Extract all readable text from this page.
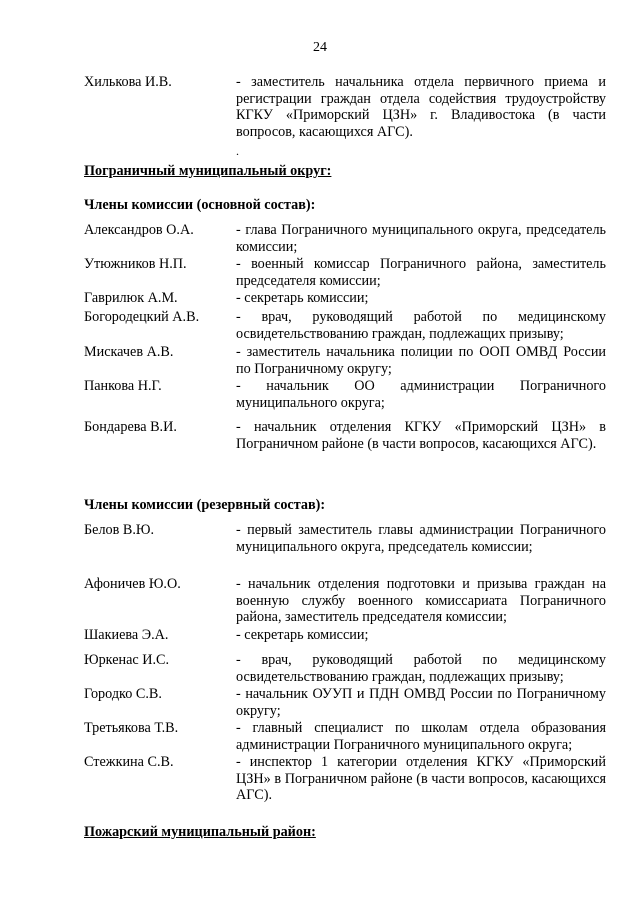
24
Хилькова И.В.	- заместитель начальника отдела первичного приема и регистрации граждан отдела содействия трудоустройству КГКУ «Приморский ЦЗН» г. Владивостока (в части вопросов, касающихся АГС).
.
Пограничный муниципальный округ:
Члены комиссии (основной состав):
Александров О.А.	- глава Пограничного муниципального округа, председатель комиссии;
Утюжников Н.П.	- военный комиссар Пограничного района, заместитель председателя комиссии;
Гаврилюк А.М.	- секретарь комиссии;
Богородецкий А.В.	- врач, руководящий работой по медицинскому освидетельствованию граждан, подлежащих призыву;
Мискачев А.В.	- заместитель начальника полиции по ООП ОМВД России по Пограничному округу;
Панкова Н.Г.	- начальник ОО администрации Пограничного муниципального округа;
Бондарева В.И.	- начальник отделения КГКУ «Приморский ЦЗН» в Пограничном районе (в части вопросов, касающихся АГС).
Члены комиссии (резервный состав):
Белов В.Ю.	- первый заместитель главы администрации Пограничного муниципального округа, председатель комиссии;
Афоничев Ю.О.	- начальник отделения подготовки и призыва граждан на военную службу военного комиссариата Пограничного района, заместитель председателя комиссии;
Шакиева Э.А.	- секретарь комиссии;
Юркенас И.С.	- врач, руководящий работой по медицинскому освидетельствованию граждан, подлежащих призыву;
Городко С.В.	- начальник ОУУП и ПДН ОМВД России по Пограничному округу;
Третьякова Т.В.	- главный специалист по школам отдела образования администрации Пограничного муниципального округа;
Стежкина С.В.	- инспектор 1 категории отделения КГКУ «Приморский ЦЗН» в Пограничном районе (в части вопросов, касающихся АГС).
Пожарский муниципальный район:
